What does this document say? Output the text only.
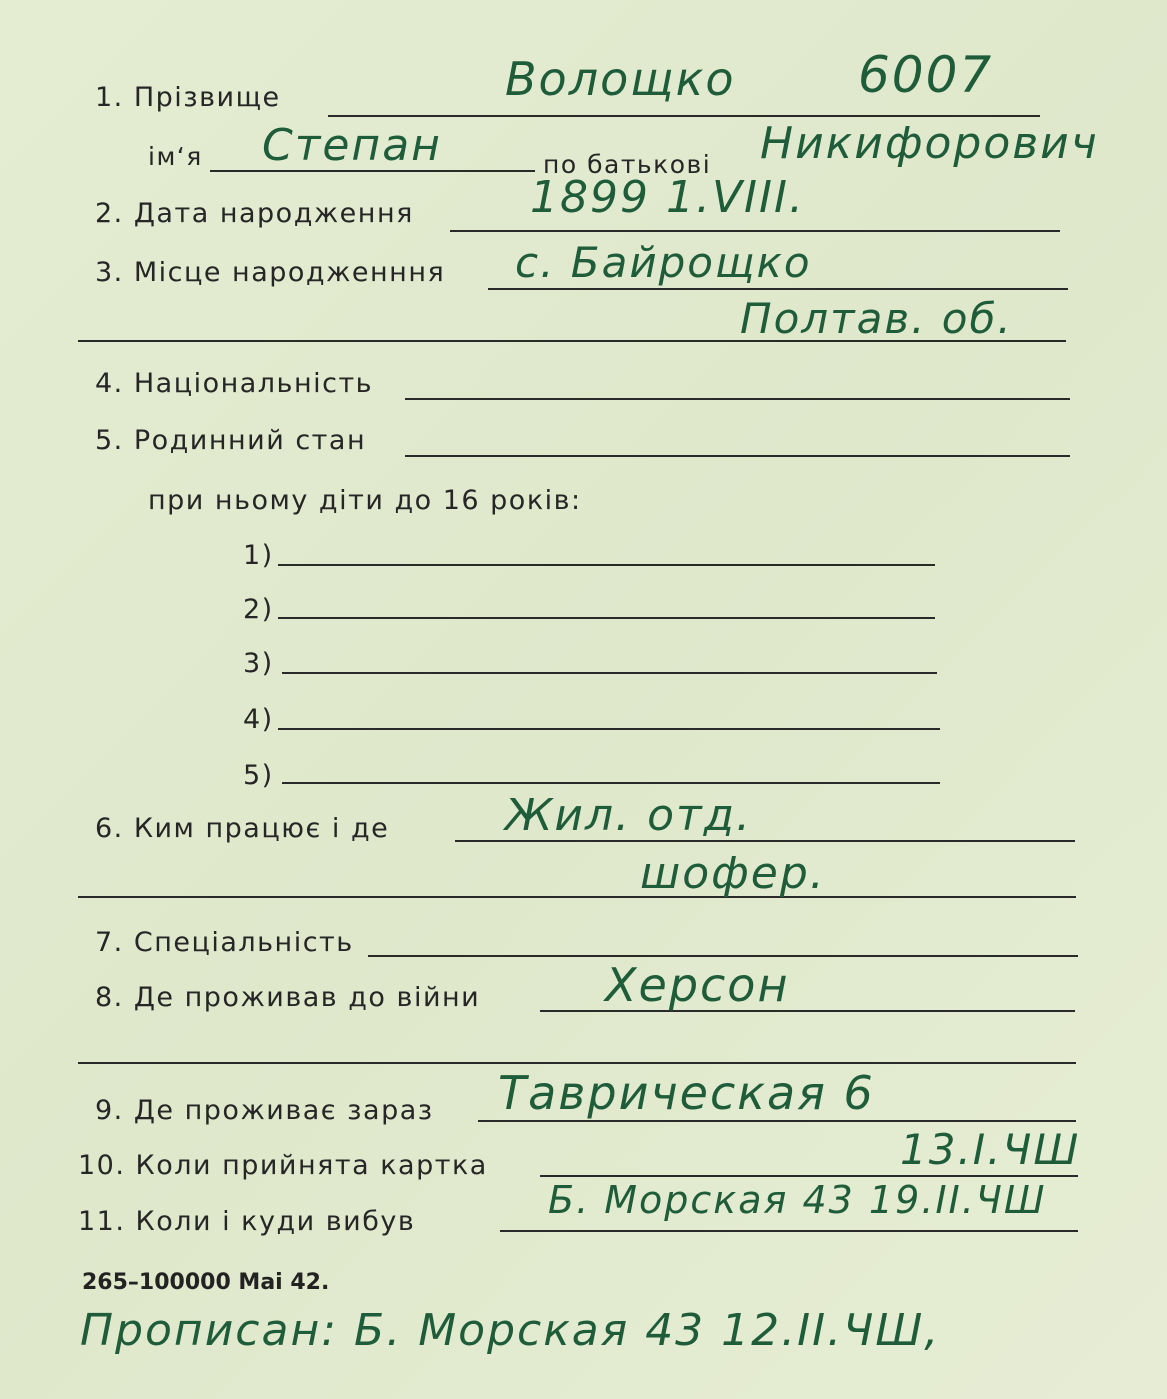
1. Прізвище	Волощко 6007
ім‘я Степан	по батькові Никифорович
2. Дата народження	1899 1.VIII.
3. Місце народженння с. Байрощко
Полтав. об.
4. Національність
5. Родинний стан
при ньому діти до 16 років:
1)
2)
3)
4)
5)
6. Ким працює і де	Жил. отд.
шофер.
7. Спеціальність
8. Де проживав до війни	Херсон
9. Де проживає зараз Таврическая 6
10. Коли прийнята картка	13.I.ЧШ
11. Коли і куди вибув	Б. Морская 43 19.II.ЧШ
265–100000 Mai 42.
Прописан: Б. Морская 43 12.II.ЧШ,
